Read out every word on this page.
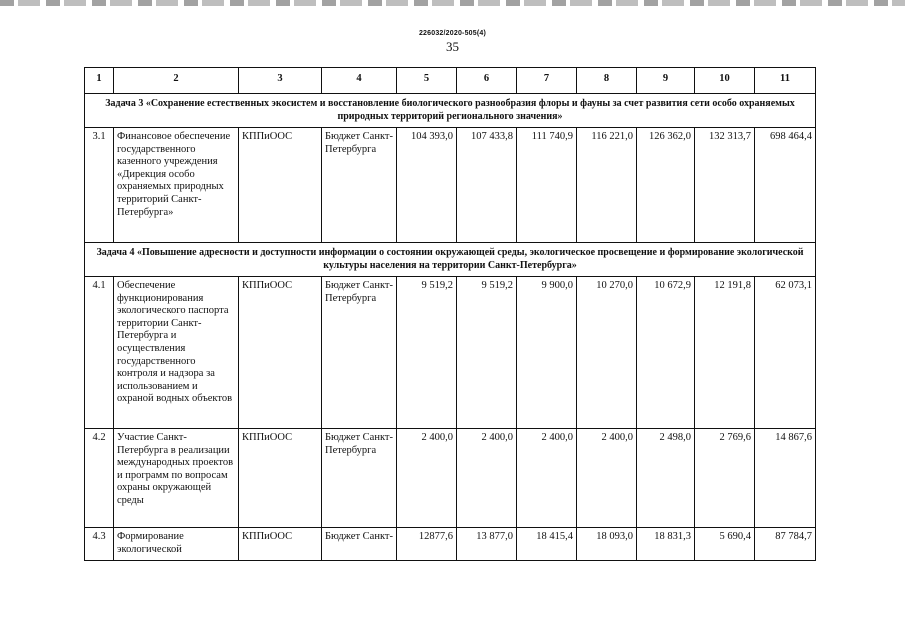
226032/2020-505(4)
35
1	2	3	4	5	6	7	8	9	10	11
Задача 3 «Сохранение естественных экосистем и восстановление биологического разнообразия флоры и фауны за счет развития сети особо охраняемых природных территорий регионального значения»										
3.1	Финансовое обеспечение государственного казенного учреждения «Дирекция особо охраняемых природных территорий Санкт-Петербурга»	КППиООС	Бюджет Санкт-Петербурга	104 393,0	107 433,8	111 740,9	116 221,0	126 362,0	132 313,7	698 464,4
Задача 4 «Повышение адресности и доступности информации о состоянии окружающей среды, экологическое просвещение и формирование экологической культуры населения на территории Санкт-Петербурга»										
4.1	Обеспечение функционирования экологического паспорта территории Санкт-Петербурга и осуществления государственного контроля и надзора за использованием и охраной водных объектов	КППиООС	Бюджет Санкт-Петербурга	9 519,2	9 519,2	9 900,0	10 270,0	10 672,9	12 191,8	62 073,1
4.2	Участие Санкт-Петербурга в реализации международных проектов и программ по вопросам охраны окружающей среды	КППиООС	Бюджет Санкт-Петербурга	2 400,0	2 400,0	2 400,0	2 400,0	2 498,0	2 769,6	14 867,6
4.3	Формирование экологической	КППиООС	Бюджет Санкт-	12877,6	13 877,0	18 415,4	18 093,0	18 831,3	5 690,4	87 784,7
